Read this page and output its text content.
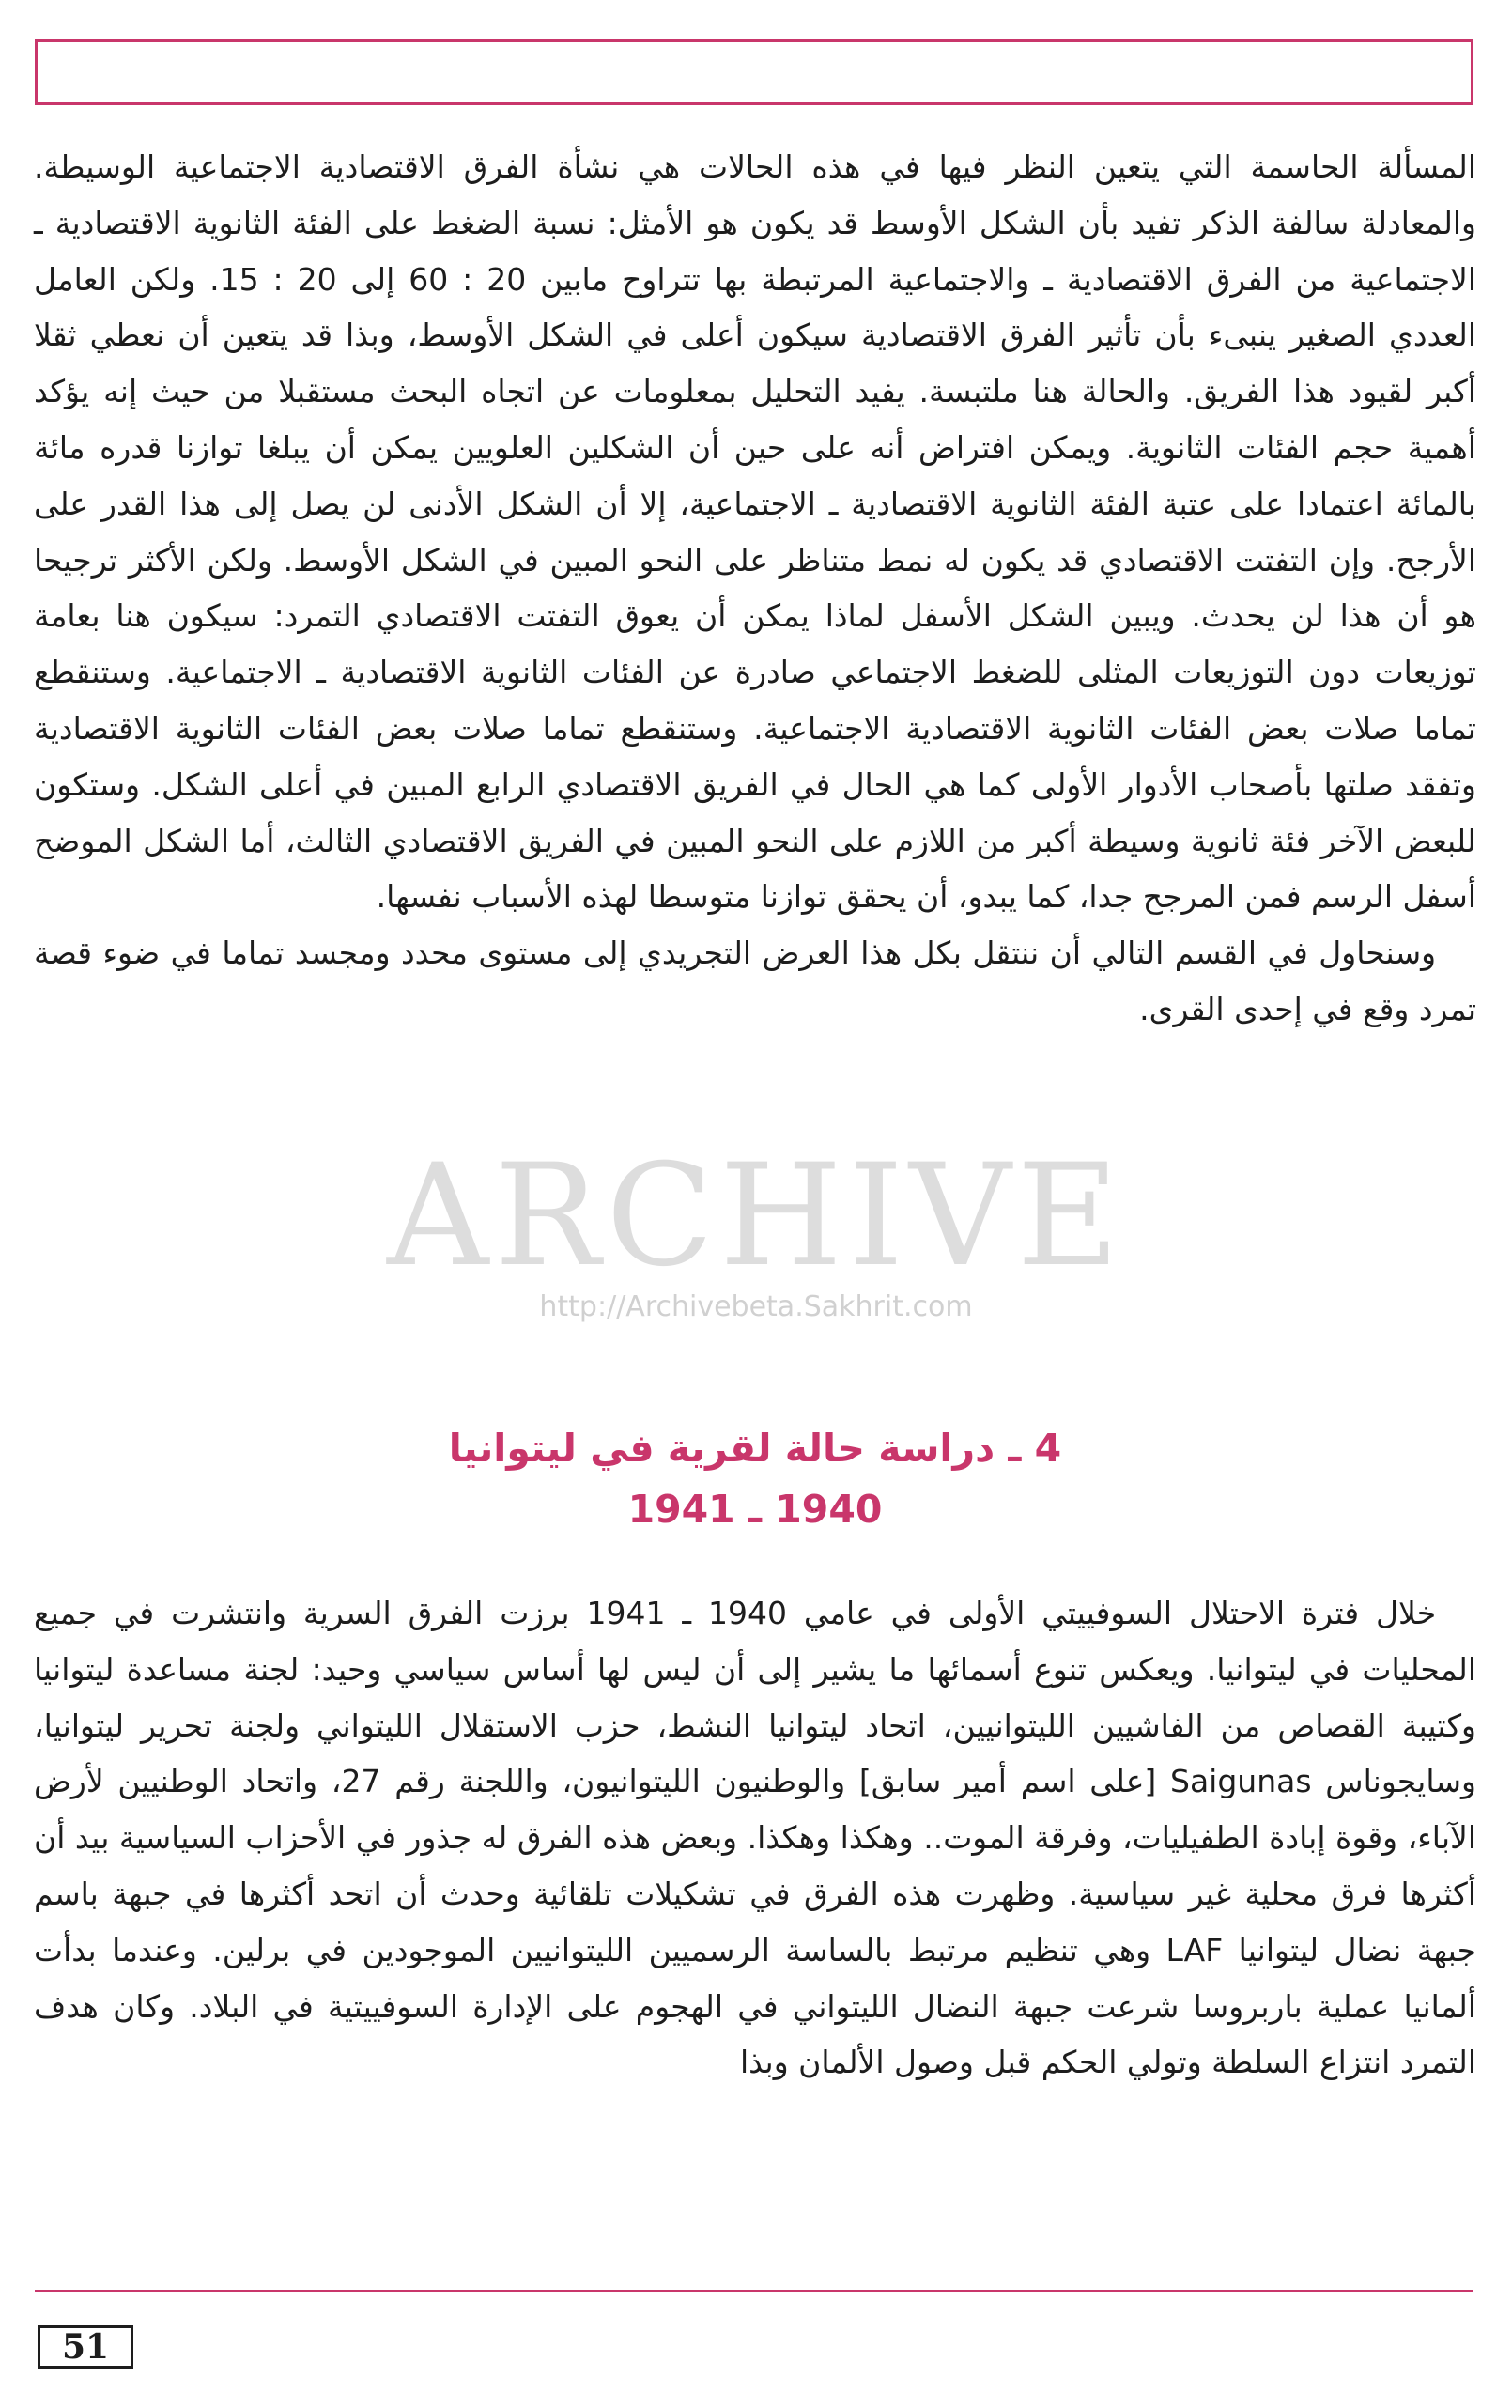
المسألة الحاسمة التي يتعين النظر فيها في هذه الحالات هي نشأة الفرق الاقتصادية الاجتماعية الوسيطة. والمعادلة سالفة الذكر تفيد بأن الشكل الأوسط قد يكون هو الأمثل: نسبة الضغط على الفئة الثانوية الاقتصادية ـ الاجتماعية من الفرق الاقتصادية ـ والاجتماعية المرتبطة بها تتراوح مابين 20 : 60 إلى 20 : 15. ولكن العامل العددي الصغير ينبىء بأن تأثير الفرق الاقتصادية سيكون أعلى في الشكل الأوسط، وبذا قد يتعين أن نعطي ثقلا أكبر لقيود هذا الفريق. والحالة هنا ملتبسة. يفيد التحليل بمعلومات عن اتجاه البحث مستقبلا من حيث إنه يؤكد أهمية حجم الفئات الثانوية. ويمكن افتراض أنه على حين أن الشكلين العلويين يمكن أن يبلغا توازنا قدره مائة بالمائة اعتمادا على عتبة الفئة الثانوية الاقتصادية ـ الاجتماعية، إلا أن الشكل الأدنى لن يصل إلى هذا القدر على الأرجح. وإن التفتت الاقتصادي قد يكون له نمط متناظر على النحو المبين في الشكل الأوسط. ولكن الأكثر ترجيحا هو أن هذا لن يحدث. ويبين الشكل الأسفل لماذا يمكن أن يعوق التفتت الاقتصادي التمرد: سيكون هنا بعامة توزيعات دون التوزيعات المثلى للضغط الاجتماعي صادرة عن الفئات الثانوية الاقتصادية ـ الاجتماعية. وستنقطع تماما صلات بعض الفئات الثانوية الاقتصادية الاجتماعية. وستنقطع تماما صلات بعض الفئات الثانوية الاقتصادية وتفقد صلتها بأصحاب الأدوار الأولى كما هي الحال في الفريق الاقتصادي الرابع المبين في أعلى الشكل. وستكون للبعض الآخر فئة ثانوية وسيطة أكبر من اللازم على النحو المبين في الفريق الاقتصادي الثالث، أما الشكل الموضح أسفل الرسم فمن المرجح جدا، كما يبدو، أن يحقق توازنا متوسطا لهذه الأسباب نفسها.

وسنحاول في القسم التالي أن ننتقل بكل هذا العرض التجريدي إلى مستوى محدد ومجسد تماما في ضوء قصة تمرد وقع في إحدى القرى.

ARCHIVE
http://Archivebeta.Sakhrit.com
4 ـ دراسة حالة لقرية في ليتوانيا
1940 ـ 1941

خلال فترة الاحتلال السوفييتي الأولى في عامي 1940 ـ 1941 برزت الفرق السرية وانتشرت في جميع المحليات في ليتوانيا. ويعكس تنوع أسمائها ما يشير إلى أن ليس لها أساس سياسي وحيد: لجنة مساعدة ليتوانيا وكتيبة القصاص من الفاشيين الليتوانيين، اتحاد ليتوانيا النشط، حزب الاستقلال الليتواني ولجنة تحرير ليتوانيا، وسايجوناس Saigunas [على اسم أمير سابق] والوطنيون الليتوانيون، واللجنة رقم 27، واتحاد الوطنيين لأرض الآباء، وقوة إبادة الطفيليات، وفرقة الموت.. وهكذا وهكذا. وبعض هذه الفرق له جذور في الأحزاب السياسية بيد أن أكثرها فرق محلية غير سياسية. وظهرت هذه الفرق في تشكيلات تلقائية وحدث أن اتحد أكثرها في جبهة باسم جبهة نضال ليتوانيا LAF وهي تنظيم مرتبط بالساسة الرسميين الليتوانيين الموجودين في برلين. وعندما بدأت ألمانيا عملية باربروسا شرعت جبهة النضال الليتواني في الهجوم على الإدارة السوفييتية في البلاد. وكان هدف التمرد انتزاع السلطة وتولي الحكم قبل وصول الألمان وبذا

51
